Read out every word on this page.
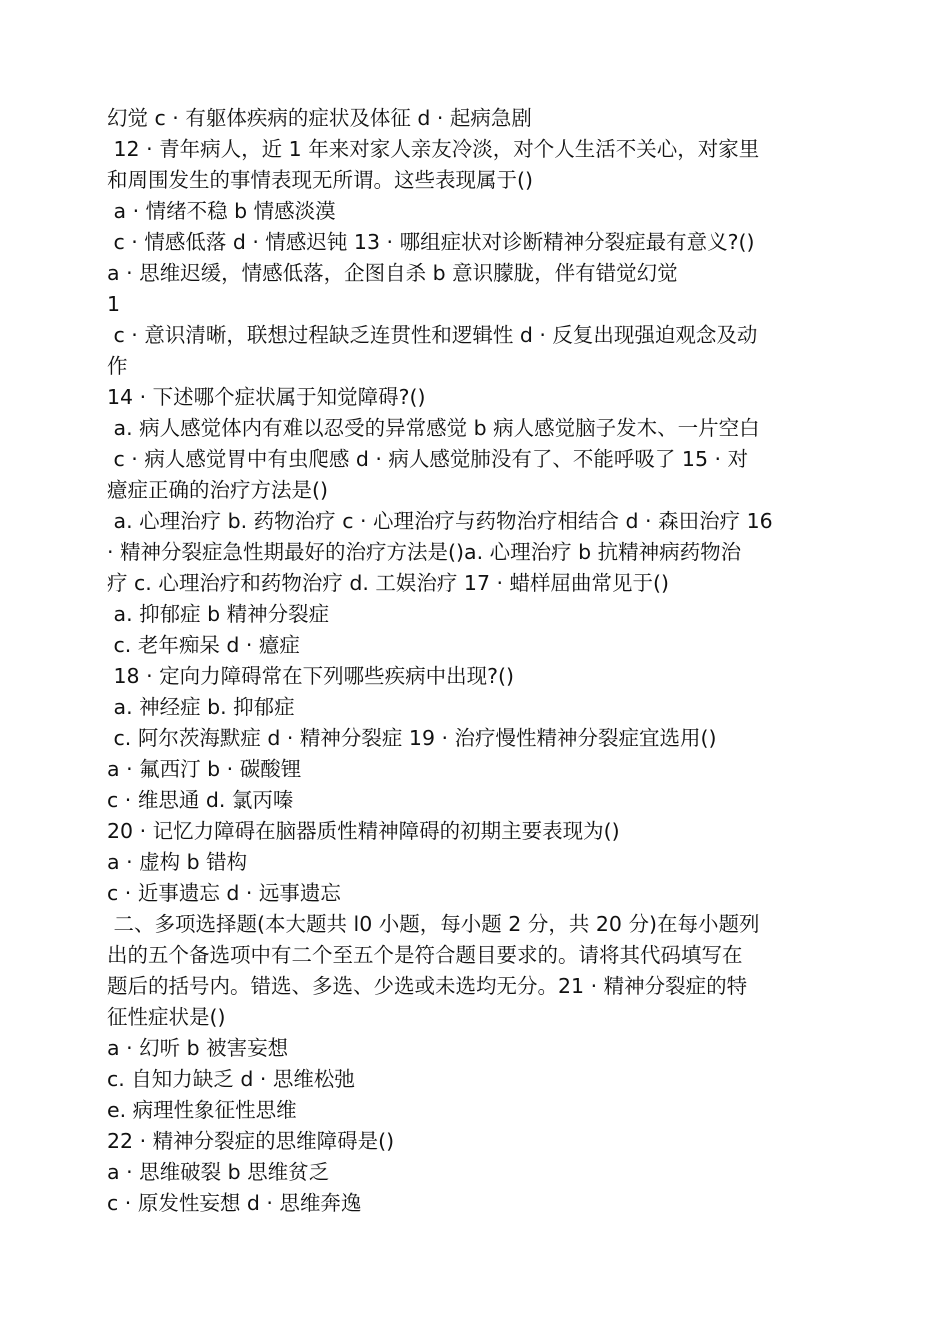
幻觉 c · 有躯体疾病的症状及体征 d · 起病急剧
12 · 青年病人，近 1 年来对家人亲友冷淡，对个人生活不关心，对家里
和周围发生的事情表现无所谓。这些表现属于()
a · 情绪不稳 b 情感淡漠
c · 情感低落 d · 情感迟钝 13 · 哪组症状对诊断精神分裂症最有意义?()
a · 思维迟缓，情感低落，企图自杀 b 意识朦胧，伴有错觉幻觉
1
c · 意识清晰，联想过程缺乏连贯性和逻辑性 d · 反复出现强迫观念及动
作
14 · 下述哪个症状属于知觉障碍?()
a. 病人感觉体内有难以忍受的异常感觉 b 病人感觉脑子发木、一片空白
c · 病人感觉胃中有虫爬感 d · 病人感觉肺没有了、不能呼吸了 15 · 对
癔症正确的治疗方法是()
a. 心理治疗 b. 药物治疗 c · 心理治疗与药物治疗相结合 d · 森田治疗 16
· 精神分裂症急性期最好的治疗方法是()a. 心理治疗 b 抗精神病药物治
疗 c. 心理治疗和药物治疗 d. 工娱治疗 17 · 蜡样屈曲常见于()
a. 抑郁症 b 精神分裂症
c. 老年痴呆 d · 癔症
18 · 定向力障碍常在下列哪些疾病中出现?()
a. 神经症 b. 抑郁症
c. 阿尔茨海默症 d · 精神分裂症 19 · 治疗慢性精神分裂症宜选用()
a · 氟西汀 b · 碳酸锂
c · 维思通 d. 氯丙嗪
20 · 记忆力障碍在脑器质性精神障碍的初期主要表现为()
a · 虚构 b 错构
c · 近事遗忘 d · 远事遗忘
二、多项选择题(本大题共 l0 小题，每小题 2 分，共 20 分)在每小题列
出的五个备选项中有二个至五个是符合题目要求的。请将其代码填写在
题后的括号内。错选、多选、少选或未选均无分。21 · 精神分裂症的特
征性症状是()
a · 幻听 b 被害妄想
c. 自知力缺乏 d · 思维松弛
e. 病理性象征性思维
22 · 精神分裂症的思维障碍是()
a · 思维破裂 b 思维贫乏
c · 原发性妄想 d · 思维奔逸
